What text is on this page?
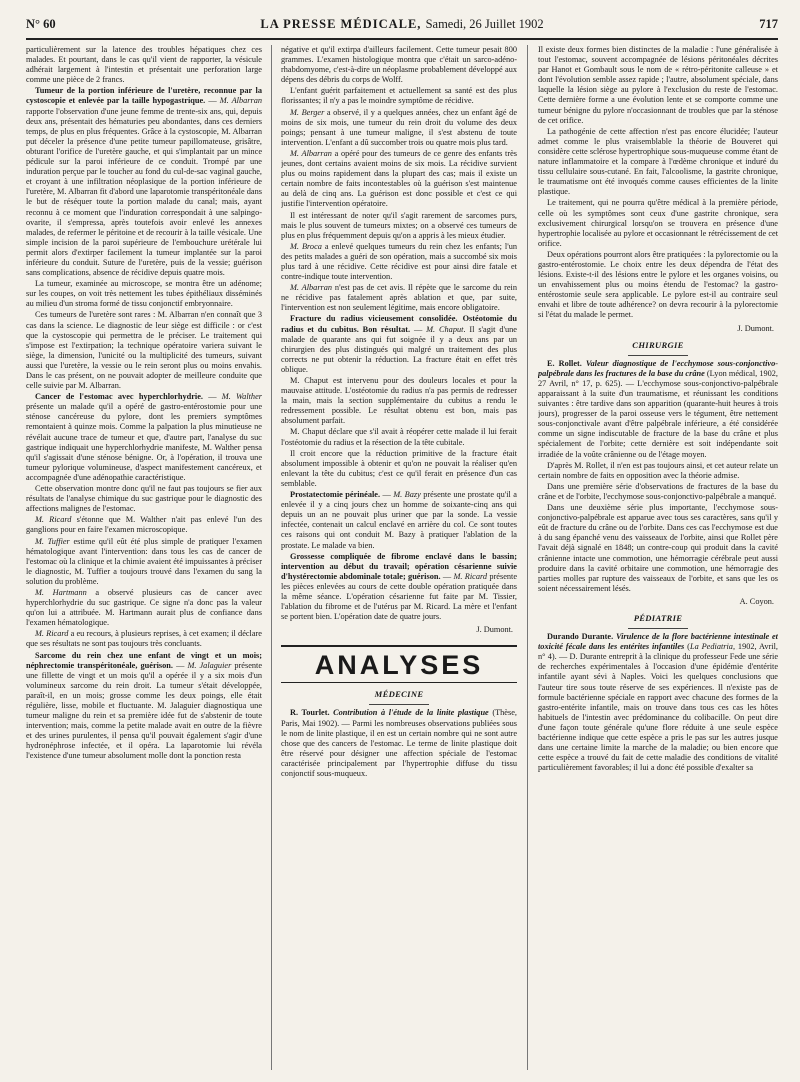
N° 60	LA PRESSE MÉDICALE, Samedi, 26 Juillet 1902	717

particulièrement sur la latence des troubles hépatiques chez ces malades. Et pourtant, dans le cas qu'il vient de rapporter, la vésicule adhérait largement à l'intestin et présentait une perforation large comme une pièce de 2 francs.

Tumeur de la portion inférieure de l'uretère, reconnue par la cystoscopie et enlevée par la taille hypogastrique. — M. Albarran rapporte l'observation d'une jeune femme de trente-six ans, qui, depuis deux ans, présentait des hématuries peu abondantes, dans ces derniers temps, de plus en plus fréquentes. Grâce à la cystoscopie, M. Albarran put déceler la présence d'une petite tumeur papillomateuse, grisâtre, obturant l'orifice de l'uretère gauche, et qui s'implantait par un mince pédicule sur la paroi inférieure de ce conduit. Trompé par une induration perçue par le toucher au fond du cul-de-sac vaginal gauche, et croyant à une infiltration néoplasique de la portion inférieure de l'uretère, M. Albarran fit d'abord une laparotomie transpéritonéale dans le but de réséquer toute la portion malade du canal; mais, ayant reconnu à ce moment que l'induration correspondait à une salpingo-ovarite, il s'empressa, après toutefois avoir enlevé les annexes malades, de refermer le péritoine et de recourir à la taille vésicale. Une simple incision de la paroi supérieure de l'embouchure urétérale lui permit alors d'extirper facilement la tumeur implantée sur la paroi inférieure du conduit. Suture de l'uretère, puis de la vessie; guérison sans complications, absence de récidive depuis quatre mois.

La tumeur, examinée au microscope, se montra être un adénome; sur les coupes, on voit très nettement les tubes épithéliaux disséminés au milieu d'un stroma formé de tissu conjonctif embryonnaire.

Ces tumeurs de l'uretère sont rares : M. Albarran n'en connaît que 3 cas dans la science. Le diagnostic de leur siège est difficile : or c'est que la cystoscopie qui permettra de le préciser. Le traitement qui s'impose est l'extirpation; la technique opératoire variera suivant le siège, la dimension, l'unicité ou la multiplicité des tumeurs, suivant aussi que l'uretère, la vessie ou le rein seront plus ou moins envahis. Dans le cas présent, on ne pouvait adopter de meilleure conduite que celle suivie par M. Albarran.

Cancer de l'estomac avec hyperchlorhydrie. — M. Walther présente un malade qu'il a opéré de gastro-entérostomie pour une sténose cancéreuse du pylore, dont les premiers symptômes remontaient à quinze mois. Comme la palpation la plus minutieuse ne révélait aucune trace de tumeur et que, d'autre part, l'analyse du suc gastrique indiquait une hyperchlorhydrie manifeste, M. Walther pensa qu'il s'agissait d'une sténose bénigne. Or, à l'opération, il trouva une tumeur pylorique volumineuse, d'aspect manifestement cancéreux, et accompagnée d'une adénopathie caractéristique.

Cette observation montre donc qu'il ne faut pas toujours se fier aux résultats de l'analyse chimique du suc gastrique pour le diagnostic des affections malignes de l'estomac.

M. Ricard s'étonne que M. Walther n'ait pas enlevé l'un des ganglions pour en faire l'examen microscopique.

M. Tuffier estime qu'il eût été plus simple de pratiquer l'examen hématologique avant l'intervention: dans tous les cas de cancer de l'estomac où la clinique et la chimie avaient été impuissantes à préciser le diagnostic, M. Tuffier a toujours trouvé dans l'examen du sang la solution du problème.

M. Hartmann a observé plusieurs cas de cancer avec hyperchlorhydrie du suc gastrique. Ce signe n'a donc pas la valeur qu'on lui a attribuée. M. Hartmann aurait plus de confiance dans l'examen hématologique.

M. Ricard a eu recours, à plusieurs reprises, à cet examen; il déclare que ses résultats ne sont pas toujours très concluants.

Sarcome du rein chez une enfant de vingt et un mois; néphrectomie transpéritonéale, guérison. — M. Jalaguier présente une fillette de vingt et un mois qu'il a opérée il y a six mois d'un volumineux sarcome du rein droit. La tumeur s'était développée, paraît-il, en un mois; grosse comme les deux poings, elle était régulière, lisse, mobile et fluctuante. M. Jalaguier diagnostiqua une tumeur maligne du rein et sa première idée fut de s'abstenir de toute intervention; mais, comme la petite malade avait en outre de la fièvre et des urines purulentes, il pensa qu'il pouvait également s'agir d'une hydronéphrose infectée, et il opéra. La laparotomie lui révéla l'existence d'une tumeur absolument molle dont la ponction resta

négative et qu'il extirpa d'ailleurs facilement. Cette tumeur pesait 800 grammes. L'examen histologique montra que c'était un sarco-adéno-rhabdomyome, c'est-à-dire un néoplasme probablement développé aux dépens des débris du corps de Wolff.

L'enfant guérit parfaitement et actuellement sa santé est des plus florissantes; il n'y a pas le moindre symptôme de récidive.

M. Berger a observé, il y a quelques années, chez un enfant âgé de moins de six mois, une tumeur du rein droit du volume des deux poings; pensant à une tumeur maligne, il s'est abstenu de toute intervention. L'enfant a dû succomber trois ou quatre mois plus tard.

M. Albarran a opéré pour des tumeurs de ce genre des enfants très jeunes, dont certains avaient moins de six mois. La récidive survient plus ou moins rapidement dans la plupart des cas; mais il existe un certain nombre de faits incontestables où la guérison s'est maintenue au delà de cinq ans. La guérison est donc possible et c'est ce qui justifie l'intervention opératoire.

Il est intéressant de noter qu'il s'agit rarement de sarcomes purs, mais le plus souvent de tumeurs mixtes; on a observé ces tumeurs de plus en plus fréquemment depuis qu'on a appris à les mieux étudier.

M. Broca a enlevé quelques tumeurs du rein chez les enfants; l'un des petits malades a guéri de son opération, mais a succombé six mois plus tard à une récidive. Cette récidive est pour ainsi dire fatale et contre-indique toute intervention.

M. Albarran n'est pas de cet avis. Il répète que le sarcome du rein ne récidive pas fatalement après ablation et que, par suite, l'intervention est non seulement légitime, mais encore obligatoire.

Fracture du radius vicieusement consolidée. Ostéotomie du radius et du cubitus. Bon résultat. — M. Chaput. Il s'agit d'une malade de quarante ans qui fut soignée il y a deux ans par un chirurgien des plus distingués qui malgré un traitement des plus corrects ne put obtenir la réduction. La fracture était en effet très oblique.

M. Chaput est intervenu pour des douleurs locales et pour la mauvaise attitude. L'ostéotomie du radius n'a pas permis de redresser la main, mais la section supplémentaire du cubitus a rendu le redressement possible. Le résultat obtenu est bon, mais pas absolument parfait.

M. Chaput déclare que s'il avait à réopérer cette malade il lui ferait l'ostéotomie du radius et la résection de la tête cubitale.

Il croit encore que la réduction primitive de la fracture était absolument impossible à obtenir et qu'on ne pouvait la réaliser qu'en enlevant la tête du cubitus; c'est ce qu'il ferait en présence d'un cas semblable.

Prostatectomie périnéale. — M. Bazy présente une prostate qu'il a enlevée il y a cinq jours chez un homme de soixante-cinq ans qui depuis un an ne pouvait plus uriner que par la sonde. La vessie infectée, contenait un calcul enclavé en arrière du col. Ce sont toutes ces raisons qui ont conduit M. Bazy à pratiquer l'ablation de la prostate. Le malade va bien.

Grossesse compliquée de fibrome enclavé dans le bassin; intervention au début du travail; opération césarienne suivie d'hystérectomie abdominale totale; guérison. — M. Ricard présente les pièces enlevées au cours de cette double opération pratiquée dans la même séance. L'opération césarienne fut faite par M. Tissier, l'ablation du fibrome et de l'utérus par M. Ricard. La mère et l'enfant se portent bien. L'opération date de quatre jours.

J. Dumont.
ANALYSES
MÉDECINE

R. Tourlet. Contribution à l'étude de la linite plastique (Thèse, Paris, Mai 1902). — Parmi les nombreuses observations publiées sous le nom de linite plastique, il en est un certain nombre qui ne sont autre chose que des cancers de l'estomac. Le terme de linite plastique doit être réservé pour désigner une affection spéciale de l'estomac caractérisée principalement par l'hypertrophie diffuse du tissu conjonctif sous-muqueux.

Il existe deux formes bien distinctes de la maladie : l'une généralisée à tout l'estomac, souvent accompagnée de lésions péritonéales décrites par Hanot et Gombault sous le nom de « rétro-péritonite calleuse » et dont l'évolution semble assez rapide ; l'autre, absolument spéciale, dans laquelle la lésion siège au pylore à l'exclusion du reste de l'estomac. Cette dernière forme a une évolution lente et se comporte comme une tumeur bénigne du pylore n'occasionnant de troubles que par la sténose de cet orifice.

La pathogénie de cette affection n'est pas encore élucidée; l'auteur admet comme le plus vraisemblable la théorie de Bouveret qui considère cette sclérose hypertrophique sous-muqueuse comme étant de nature inflammatoire et la compare à l'œdème chronique et induré du tissu cellulaire sous-cutané. En fait, l'alcoolisme, la gastrite chronique, le traumatisme ont été invoqués comme causes efficientes de la linite plastique.

Le traitement, qui ne pourra qu'être médical à la première période, celle où les symptômes sont ceux d'une gastrite chronique, sera exclusivement chirurgical lorsqu'on se trouvera en présence d'une hypertrophie localisée au pylore et occasionnant le rétrécissement de cet orifice.

Deux opérations pourront alors être pratiquées : la pylorectomie ou la gastro-entérostomie. Le choix entre les deux dépendra de l'état des lésions. Existe-t-il des lésions entre le pylore et les organes voisins, ou un envahissement plus ou moins étendu de l'estomac? la gastro-entérostomie seule sera applicable. Le pylore est-il au contraire seul envahi et libre de toute adhérence? on devra recourir à la pylorectomie si l'état du malade le permet.

J. Dumont.
CHIRURGIE

E. Rollet. Valeur diagnostique de l'ecchymose sous-conjonctivo-palpébrale dans les fractures de la base du crâne (Lyon médical, 1902, 27 Avril, n° 17, p. 625). — L'ecchymose sous-conjonctivo-palpébrale apparaissant à la suite d'un traumatisme, et réunissant les conditions suivantes : être tardive dans son apparition (quarante-huit heures à trois jours), progresser de la paroi osseuse vers le tégument, être nettement sous-conjonctivale avant d'être palpébrale inférieure, a été considérée comme un signe indiscutable de fracture de la base du crâne et plus spécialement de l'orbite; cette dernière est soit indépendante soit irradiée de la voûte crânienne ou de l'étage moyen.

D'après M. Rollet, il n'en est pas toujours ainsi, et cet auteur relate un certain nombre de faits en opposition avec la théorie admise.

Dans une première série d'observations de fractures de la base du crâne et de l'orbite, l'ecchymose sous-conjonctivo-palpébrale a manqué.

Dans une deuxième série plus importante, l'ecchymose sous-conjonctivo-palpébrale est apparue avec tous ses caractères, sans qu'il y eût de fracture du crâne ou de l'orbite. Dans ces cas l'ecchymose est due à du sang épanché venu des vaisseaux de l'orbite, ainsi que Rollet père l'avait déjà signalé en 1848; un contre-coup qui produit dans la cavité crânienne intacte une commotion, une hémorragie cérébrale peut aussi produire dans la cavité orbitaire une commotion, une hémorragie des parties molles par rupture des vaisseaux de l'orbite, et sans que les os soient nécessairement lésés.

A. Coyon.
PÉDIATRIE

Durando Durante. Virulence de la flore bactérienne intestinale et toxicité fécale dans les entérites infantiles (La Pediatria, 1902, Avril, n° 4). — D. Durante entreprit à la clinique du professeur Fede une série de recherches expérimentales à l'occasion d'une épidémie d'entérite infantile ayant sévi à Naples. Voici les quelques conclusions que l'auteur tire sous toute réserve de ses expériences. Il n'existe pas de formule bactérienne spéciale en rapport avec chacune des formes de la gastro-entérite infantile, mais on trouve dans tous ces cas les hôtes habituels de l'intestin avec prédominance du colibacille. On peut dire d'une façon toute générale qu'une flore réduite à une seule espèce bactérienne indique que cette espèce a pris le pas sur les autres jusque dans une certaine limite la marche de la maladie; ou bien encore que cette espèce a trouvé du fait de cette maladie des conditions de vitalité particulièrement favorables; il lui a donc été possible d'exalter sa
